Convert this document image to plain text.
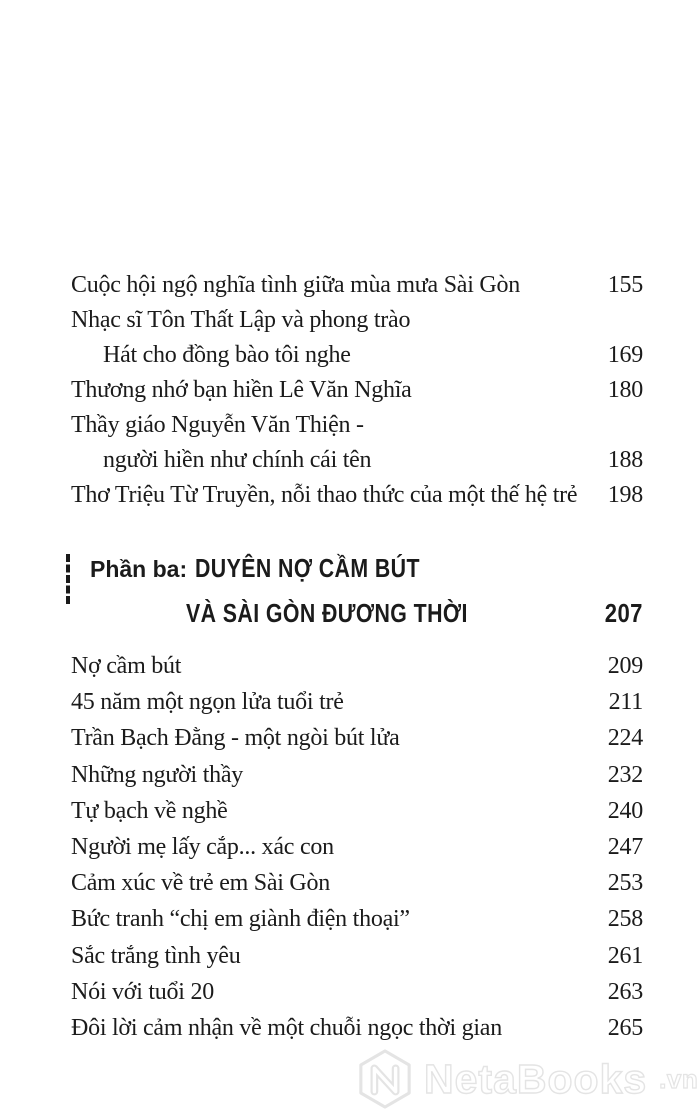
Cuộc hội ngộ nghĩa tình giữa mùa mưa Sài Gòn	155
Nhạc sĩ Tôn Thất Lập và phong trào
Hát cho đồng bào tôi nghe	169
Thương nhớ bạn hiền Lê Văn Nghĩa	180
Thầy giáo Nguyễn Văn Thiện -
người hiền như chính cái tên	188
Thơ Triệu Từ Truyền, nỗi thao thức của một thế hệ trẻ 198
Phần ba: DUYÊN NỢ CẦM BÚT
VÀ SÀI GÒN ĐƯƠNG THỜI	207
Nợ cầm bút	209
45 năm một ngọn lửa tuổi trẻ	211
Trần Bạch Đằng - một ngòi bút lửa	224
Những người thầy	232
Tự bạch về nghề	240
Người mẹ lấy cắp... xác con	247
Cảm xúc về trẻ em Sài Gòn	253
Bức tranh “chị em giành điện thoại”	258
Sắc trắng tình yêu	261
Nói với tuổi 20	263
Đôi lời cảm nhận về một chuỗi ngọc thời gian	265
NetaBooks .vn
